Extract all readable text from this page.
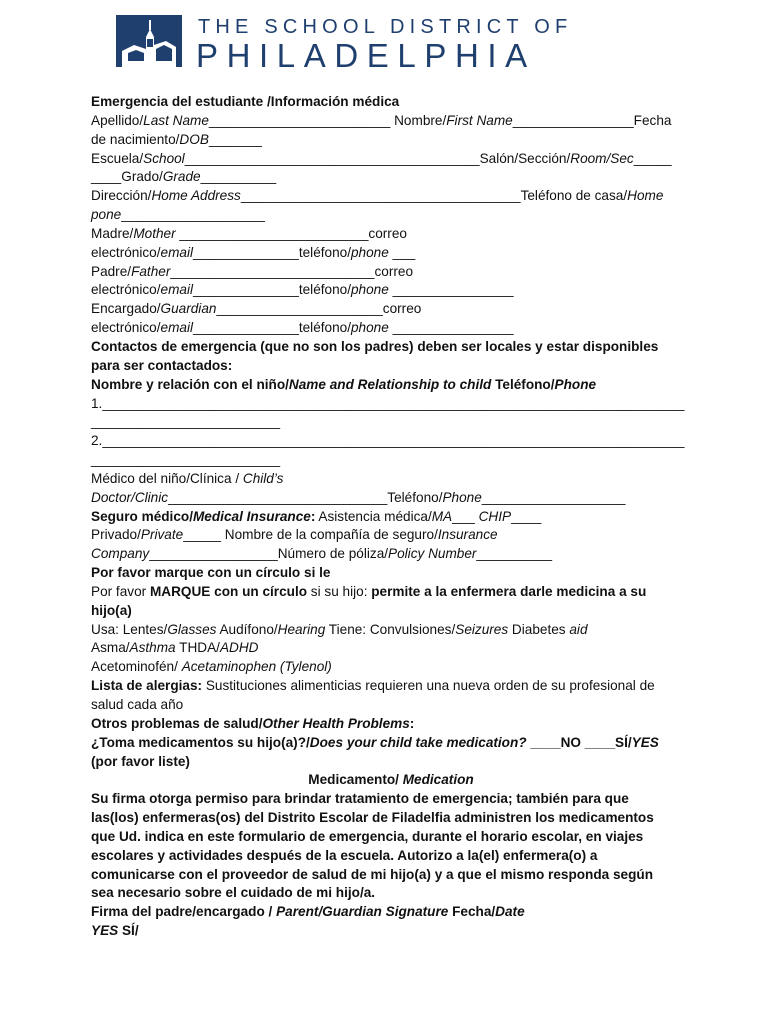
THE SCHOOL DISTRICT OF
PHILADELPHIA

Emergencia del estudiante /Información médica

Apellido/Last Name________________________ Nombre/First Name________________Fecha

de nacimiento/DOB_______

Escuela/School_______________________________________Salón/Sección/Room/Sec_____

____Grado/Grade__________

Dirección/Home Address_____________________________________Teléfono de casa/Home

pone___________________

Madre/Mother _________________________correo

electrónico/email______________teléfono/phone ___

Padre/Father___________________________correo

electrónico/email______________teléfono/phone ________________

Encargado/Guardian______________________correo

electrónico/email______________teléfono/phone ________________

Contactos de emergencia (que no son los padres) deben ser locales y estar disponibles

para ser contactados:

Nombre y relación con el niño/Name and Relationship to child Teléfono/Phone

1._____________________________________________________________________________

_________________________

2._____________________________________________________________________________

_________________________

Médico del niño/Clínica / Child’s

Doctor/Clinic_____________________________Teléfono/Phone___________________

Seguro médico/Medical Insurance: Asistencia médica/MA___ CHIP____

Privado/Private_____ Nombre de la compañía de seguro/Insurance

Company_________________Número de póliza/Policy Number__________

Por favor marque con un círculo si le

Por favor MARQUE con un círculo si su hijo: permite a la enfermera darle medicina a su

hijo(a)

Usa: Lentes/Glasses Audífono/Hearing Tiene: Convulsiones/Seizures Diabetes aid

Asma/Asthma THDA/ADHD

Acetominofén/ Acetaminophen (Tylenol)

Lista de alergias: Sustituciones alimenticias requieren una nueva orden de su profesional de

salud cada año

Otros problemas de salud/Other Health Problems:

¿Toma medicamentos su hijo(a)?/Does your child take medication? ____NO ____SÍ/YES

(por favor liste)

Medicamento/ Medication

Su firma otorga permiso para brindar tratamiento de emergencia; también para que

las(los) enfermeras(os) del Distrito Escolar de Filadelfia administren los medicamentos

que Ud. indica en este formulario de emergencia, durante el horario escolar, en viajes

escolares y actividades después de la escuela. Autorizo a la(el) enfermera(o) a

comunicarse con el proveedor de salud de mi hijo(a) y a que el mismo responda según

sea necesario sobre el cuidado de mi hijo/a.

Firma del padre/encargado / Parent/Guardian Signature Fecha/Date

YES SÍ/
